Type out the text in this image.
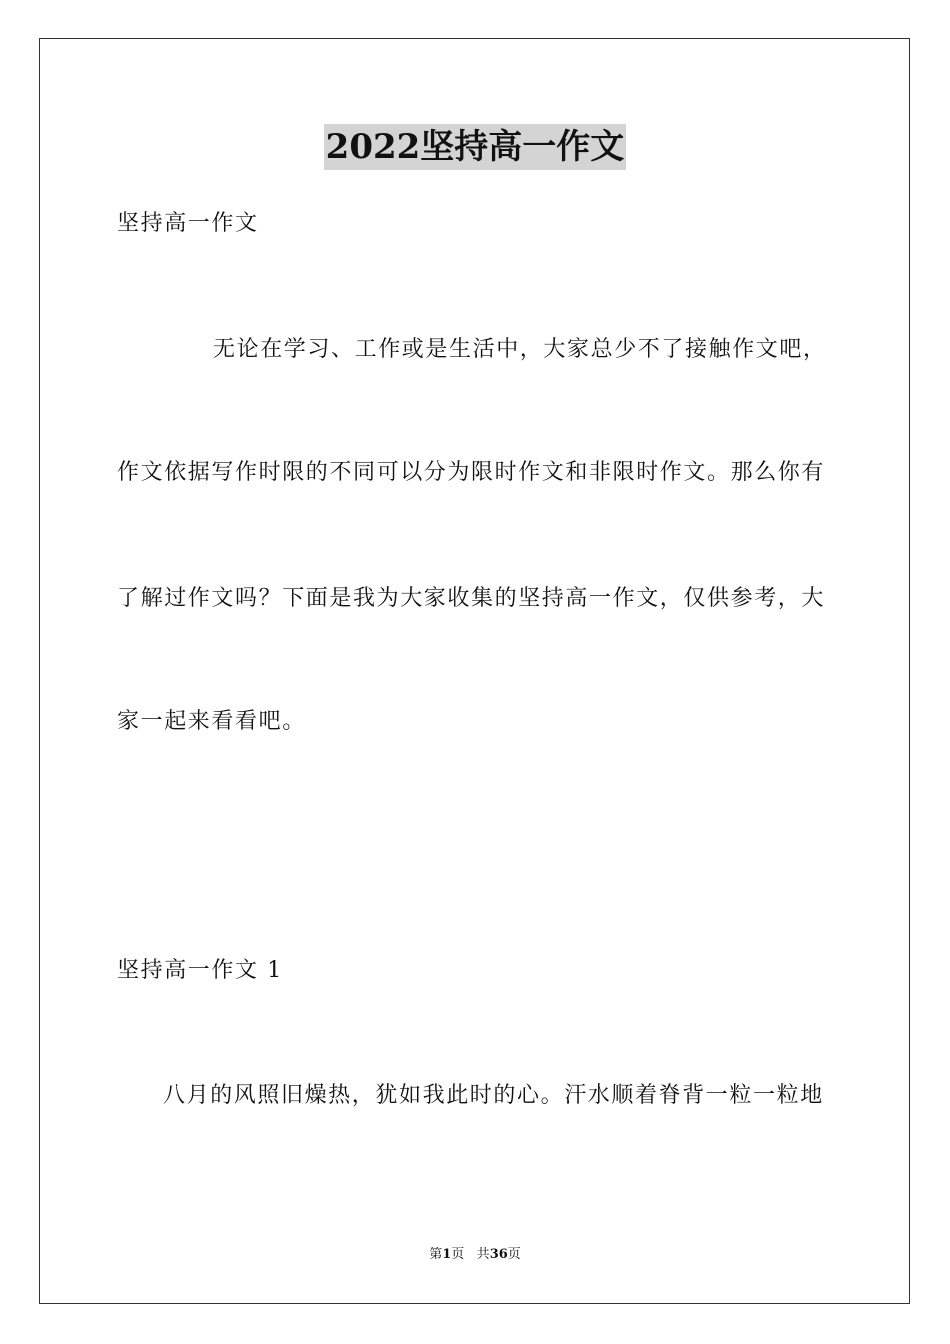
2022坚持高一作文
坚持高一作文
无论在学习、工作或是生活中，大家总少不了接触作文吧，
作文依据写作时限的不同可以分为限时作文和非限时作文。那么你有
了解过作文吗？下面是我为大家收集的坚持高一作文，仅供参考，大
家一起来看看吧。
坚持高一作文 1
八月的风照旧燥热，犹如我此时的心。汗水顺着脊背一粒一粒地
第1页 共36页
